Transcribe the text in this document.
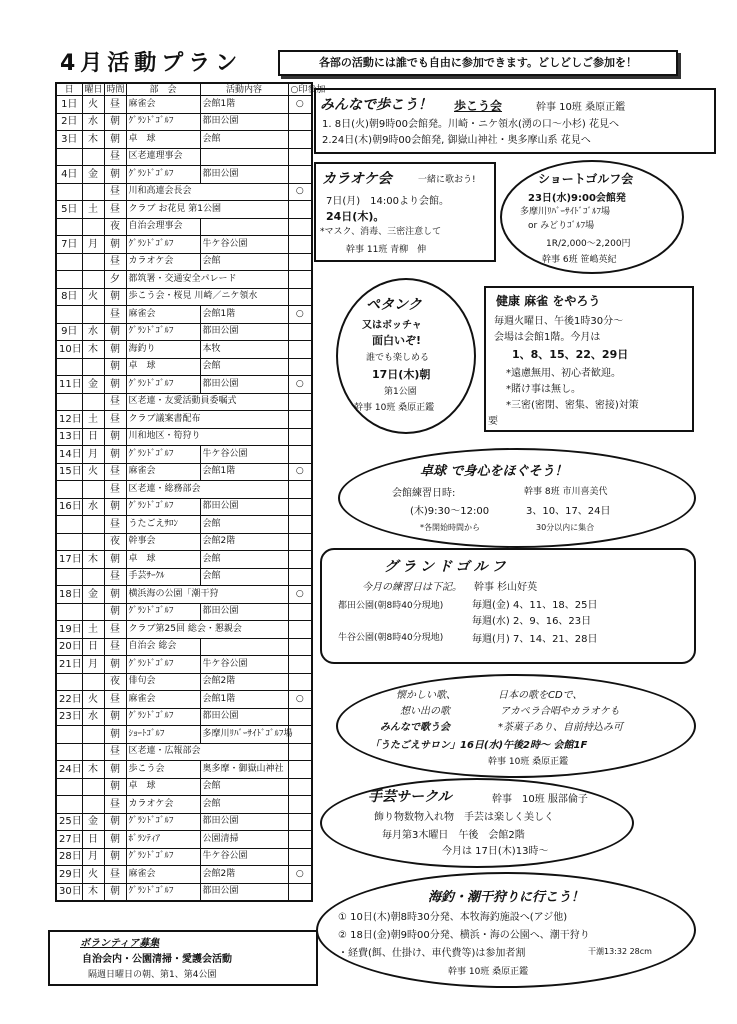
4月活動プラン	各部の活動には誰でも自由に参加できます。どしどしご参加を！
日	曜日	時間	部　会	活動内容	○印参加
1日	火	昼	麻雀会	会館1階	○
2日	水	朝	ｸﾞﾗﾝﾄﾞｺﾞﾙﾌ	都田公園	
3日	木	朝	卓　球	会館	
		昼	区老連理事会		
4日	金	朝	ｸﾞﾗﾝﾄﾞｺﾞﾙﾌ	都田公園	
		昼	川和高連会長会		○
5日	土	昼	クラブ お花見 第1公園		
		夜	自治会理事会		
7日	月	朝	ｸﾞﾗﾝﾄﾞｺﾞﾙﾌ	牛ケ谷公園	
		昼	カラオケ会	会館	
		夕	都筑署・交通安全パレード		
8日	火	朝	歩こう会・桜見 川崎／ニケ領水		
		昼	麻雀会	会館1階	○
9日	水	朝	ｸﾞﾗﾝﾄﾞｺﾞﾙﾌ	都田公園	
10日	木	朝	海釣り	本牧	
		朝	卓　球	会館	
11日	金	朝	ｸﾞﾗﾝﾄﾞｺﾞﾙﾌ	都田公園	○
		昼	区老連・友愛活動員委嘱式		
12日	土	昼	クラブ議案書配布		
13日	日	朝	川和地区・筍狩り		
14日	月	朝	ｸﾞﾗﾝﾄﾞｺﾞﾙﾌ	牛ケ谷公園	
15日	火	昼	麻雀会	会館1階	○
		昼	区老連・総務部会		
16日	水	朝	ｸﾞﾗﾝﾄﾞｺﾞﾙﾌ	都田公園	
		昼	うたごえｻﾛﾝ	会館	
		夜	幹事会	会館2階	
17日	木	朝	卓　球	会館	
		昼	手芸ｻｰｸﾙ	会館	
18日	金	朝	横浜海の公園「潮干狩		○
		朝	ｸﾞﾗﾝﾄﾞｺﾞﾙﾌ	都田公園	
19日	土	昼	クラブ第25回 総会・懇親会		
20日	日	昼	自治会 総会		
21日	月	朝	ｸﾞﾗﾝﾄﾞｺﾞﾙﾌ	牛ケ谷公園	
		夜	俳句会	会館2階	
22日	火	昼	麻雀会	会館1階	○
23日	水	朝	ｸﾞﾗﾝﾄﾞｺﾞﾙﾌ	都田公園	
		朝	ｼｮｰﾄｺﾞﾙﾌ	多摩川ﾘﾊﾞｰｻｲﾄﾞｺﾞﾙﾌ場	
		昼	区老連・広報部会		
24日	木	朝	歩こう会	奥多摩・御嶽山神社	
		朝	卓　球	会館	
		昼	カラオケ会	会館	
25日	金	朝	ｸﾞﾗﾝﾄﾞｺﾞﾙﾌ	都田公園	
27日	日	朝	ﾎﾞﾗﾝﾃｨｱ	公園清掃	
28日	月	朝	ｸﾞﾗﾝﾄﾞｺﾞﾙﾌ	牛ケ谷公園	
29日	火	昼	麻雀会	会館2階	○
30日	木	朝	ｸﾞﾗﾝﾄﾞｺﾞﾙﾌ	都田公園	
ボランティア募集
自治会内・公園清掃・愛護会活動
隔週日曜日の朝、第1、第4公園
みんなで歩こう！ 歩こう会	幹事 10班 桑原正鑑
1. 8日(火)朝9時00会館発。川崎・ニケ領水(湧の口～小杉) 花見へ
2.24日(木)朝9時00会館発, 御嶽山神社・奥多摩山系 花見へ
カラオケ会	一緒に歌おう!
7日(月)　14:00より会館。
24日(木)。
*マスク、消毒、三密注意して
幹事 11班 青柳　伸
ショートゴルフ会
23日(水)9:00会館発
多摩川ﾘﾊﾞｰｻｲﾄﾞｺﾞﾙﾌ場
or みどりｺﾞﾙﾌ場
1R/2,000～2,200円
幹事 6班 笹嶋英紀
ペタンク
又はボッチャ
面白いぞ!
誰でも楽しめる
17日(木)朝
第1公園
幹事 10班 桑原正鑑
健康 麻雀 をやろう
毎週火曜日、午後1時30分～
会場は会館1階。今月は
1、8、15、22、29日
*遠慮無用、初心者歓迎。
*賭け事は無し。
*三密(密閉、密集、密接)対策
要
卓球 で身心をほぐそう！
会館練習日時:	幹事 8班 市川喜美代
(木)9:30～12:00	3、10、17、24日
*各開始時間から	30分以内に集合
グランドゴルフ
今月の練習日は下記。 幹事 杉山好英
都田公園(朝8時40分現地)	毎週(金) 4、11、18、25日
毎週(水) 2、9、16、23日
牛谷公園(朝8時40分現地)	毎週(月) 7、14、21、28日
懐かしい歌、
想い出の歌
日本の歌をCDで、
アカペラ合唱やカラオケも
みんなで歌う会	*茶菓子あり、自前持込み可
「うたごえサロン」16日(水)午後2時～ 会館1F
幹事 10班 桑原正鑑
手芸サークル	幹事　10班 服部倫子
飾り物数物入れ物　手芸は楽しく美しく
毎月第3木曜日　午後　会館2階
今月は 17日(木)13時～
海釣・潮干狩りに行こう！
① 10日(木)朝8時30分発、本牧海釣施設へ(アジ他)
② 18日(金)朝9時00分発、横浜・海の公園へ、潮干狩り
・経費(餌、仕掛け、車代費等)は参加者割	干潮13:32 28cm
幹事 10班 桑原正鑑
